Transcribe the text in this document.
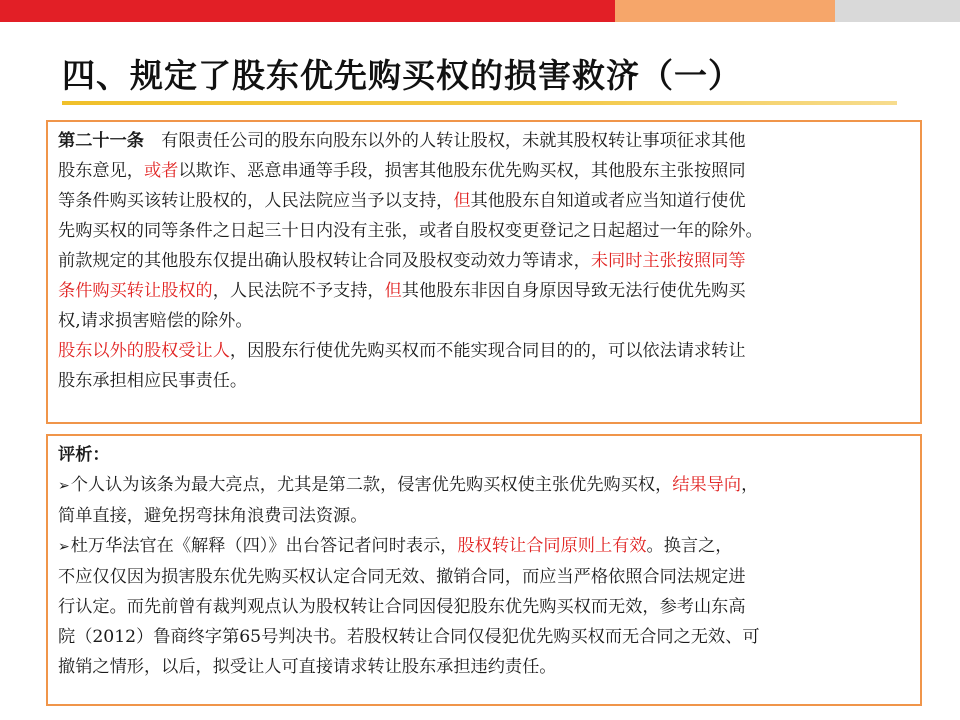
四、规定了股东优先购买权的损害救济（一）

第二十一条　有限责任公司的股东向股东以外的人转让股权，未就其股权转让事项征求其他

股东意见，或者以欺诈、恶意串通等手段，损害其他股东优先购买权，其他股东主张按照同

等条件购买该转让股权的，人民法院应当予以支持，但其他股东自知道或者应当知道行使优

先购买权的同等条件之日起三十日内没有主张，或者自股权变更登记之日起超过一年的除外。

前款规定的其他股东仅提出确认股权转让合同及股权变动效力等请求，未同时主张按照同等

条件购买转让股权的，人民法院不予支持，但其他股东非因自身原因导致无法行使优先购买

权,请求损害赔偿的除外。

股东以外的股权受让人，因股东行使优先购买权而不能实现合同目的的，可以依法请求转让

股东承担相应民事责任。

评析：

➢个人认为该条为最大亮点，尤其是第二款，侵害优先购买权使主张优先购买权，结果导向，

简单直接，避免拐弯抹角浪费司法资源。

➢杜万华法官在《解释（四）》出台答记者问时表示，股权转让合同原则上有效。换言之，

不应仅仅因为损害股东优先购买权认定合同无效、撤销合同，而应当严格依照合同法规定进

行认定。而先前曾有裁判观点认为股权转让合同因侵犯股东优先购买权而无效，参考山东高

院（2012）鲁商终字第65号判决书。若股权转让合同仅侵犯优先购买权而无合同之无效、可

撤销之情形，以后，拟受让人可直接请求转让股东承担违约责任。
